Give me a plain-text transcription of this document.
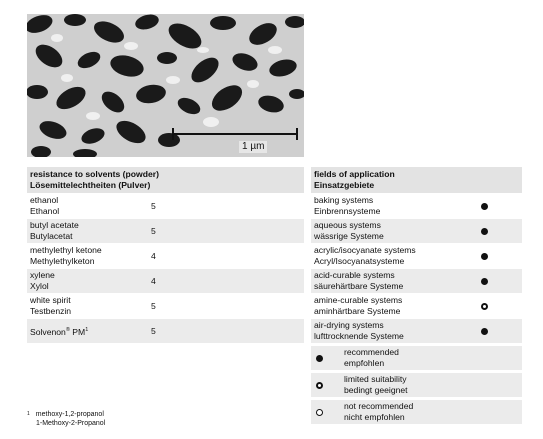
1 µm
resistance to solvents (powder)
Lösemittelechtheiten (Pulver)
ethanol
Ethanol
5
butyl acetate
Butylacetat
5
methylethyl ketone
Methylethylketon
4
xylene
Xylol
4
white spirit
Testbenzin
5
Solvenon® $PM^1$	5
fields of application
Einsatzgebiete
baking systems
Einbrennsysteme
aqueous systems
wässrige Systeme
acrylic/isocyanate systems
Acryl/Isocyanatsysteme
acid-curable systems
säurehärtbare Systeme
amine-curable systems
aminhärtbare Systeme
air-drying systems
lufttrocknende Systeme
recommended
empfohlen
limited suitability
bedingt geeignet
not recommended
nicht empfohlen
$^1$ methoxy-1,2-propanol
1-Methoxy-2-Propanol
